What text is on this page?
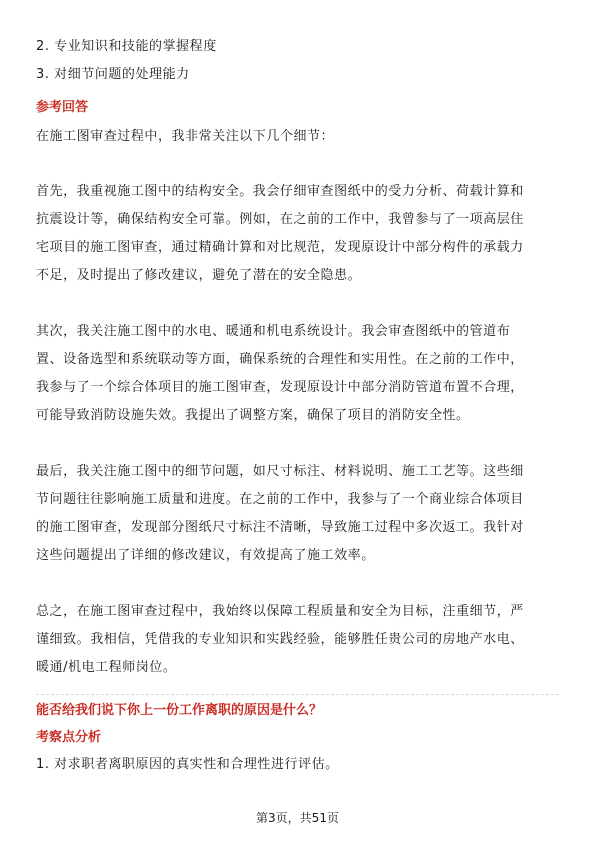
2. 专业知识和技能的掌握程度
3. 对细节问题的处理能力
参考回答
在施工图审查过程中，我非常关注以下几个细节：
首先，我重视施工图中的结构安全。我会仔细审查图纸中的受力分析、荷载计算和
抗震设计等，确保结构安全可靠。例如，在之前的工作中，我曾参与了一项高层住
宅项目的施工图审查，通过精确计算和对比规范，发现原设计中部分构件的承载力
不足，及时提出了修改建议，避免了潜在的安全隐患。
其次，我关注施工图中的水电、暖通和机电系统设计。我会审查图纸中的管道布
置、设备选型和系统联动等方面，确保系统的合理性和实用性。在之前的工作中，
我参与了一个综合体项目的施工图审查，发现原设计中部分消防管道布置不合理，
可能导致消防设施失效。我提出了调整方案，确保了项目的消防安全性。
最后，我关注施工图中的细节问题，如尺寸标注、材料说明、施工工艺等。这些细
节问题往往影响施工质量和进度。在之前的工作中，我参与了一个商业综合体项目
的施工图审查，发现部分图纸尺寸标注不清晰，导致施工过程中多次返工。我针对
这些问题提出了详细的修改建议，有效提高了施工效率。
总之，在施工图审查过程中，我始终以保障工程质量和安全为目标，注重细节，严
谨细致。我相信，凭借我的专业知识和实践经验，能够胜任贵公司的房地产水电、
暖通/机电工程师岗位。
能否给我们说下你上一份工作离职的原因是什么？
考察点分析
1. 对求职者离职原因的真实性和合理性进行评估。
第3页，共51页
